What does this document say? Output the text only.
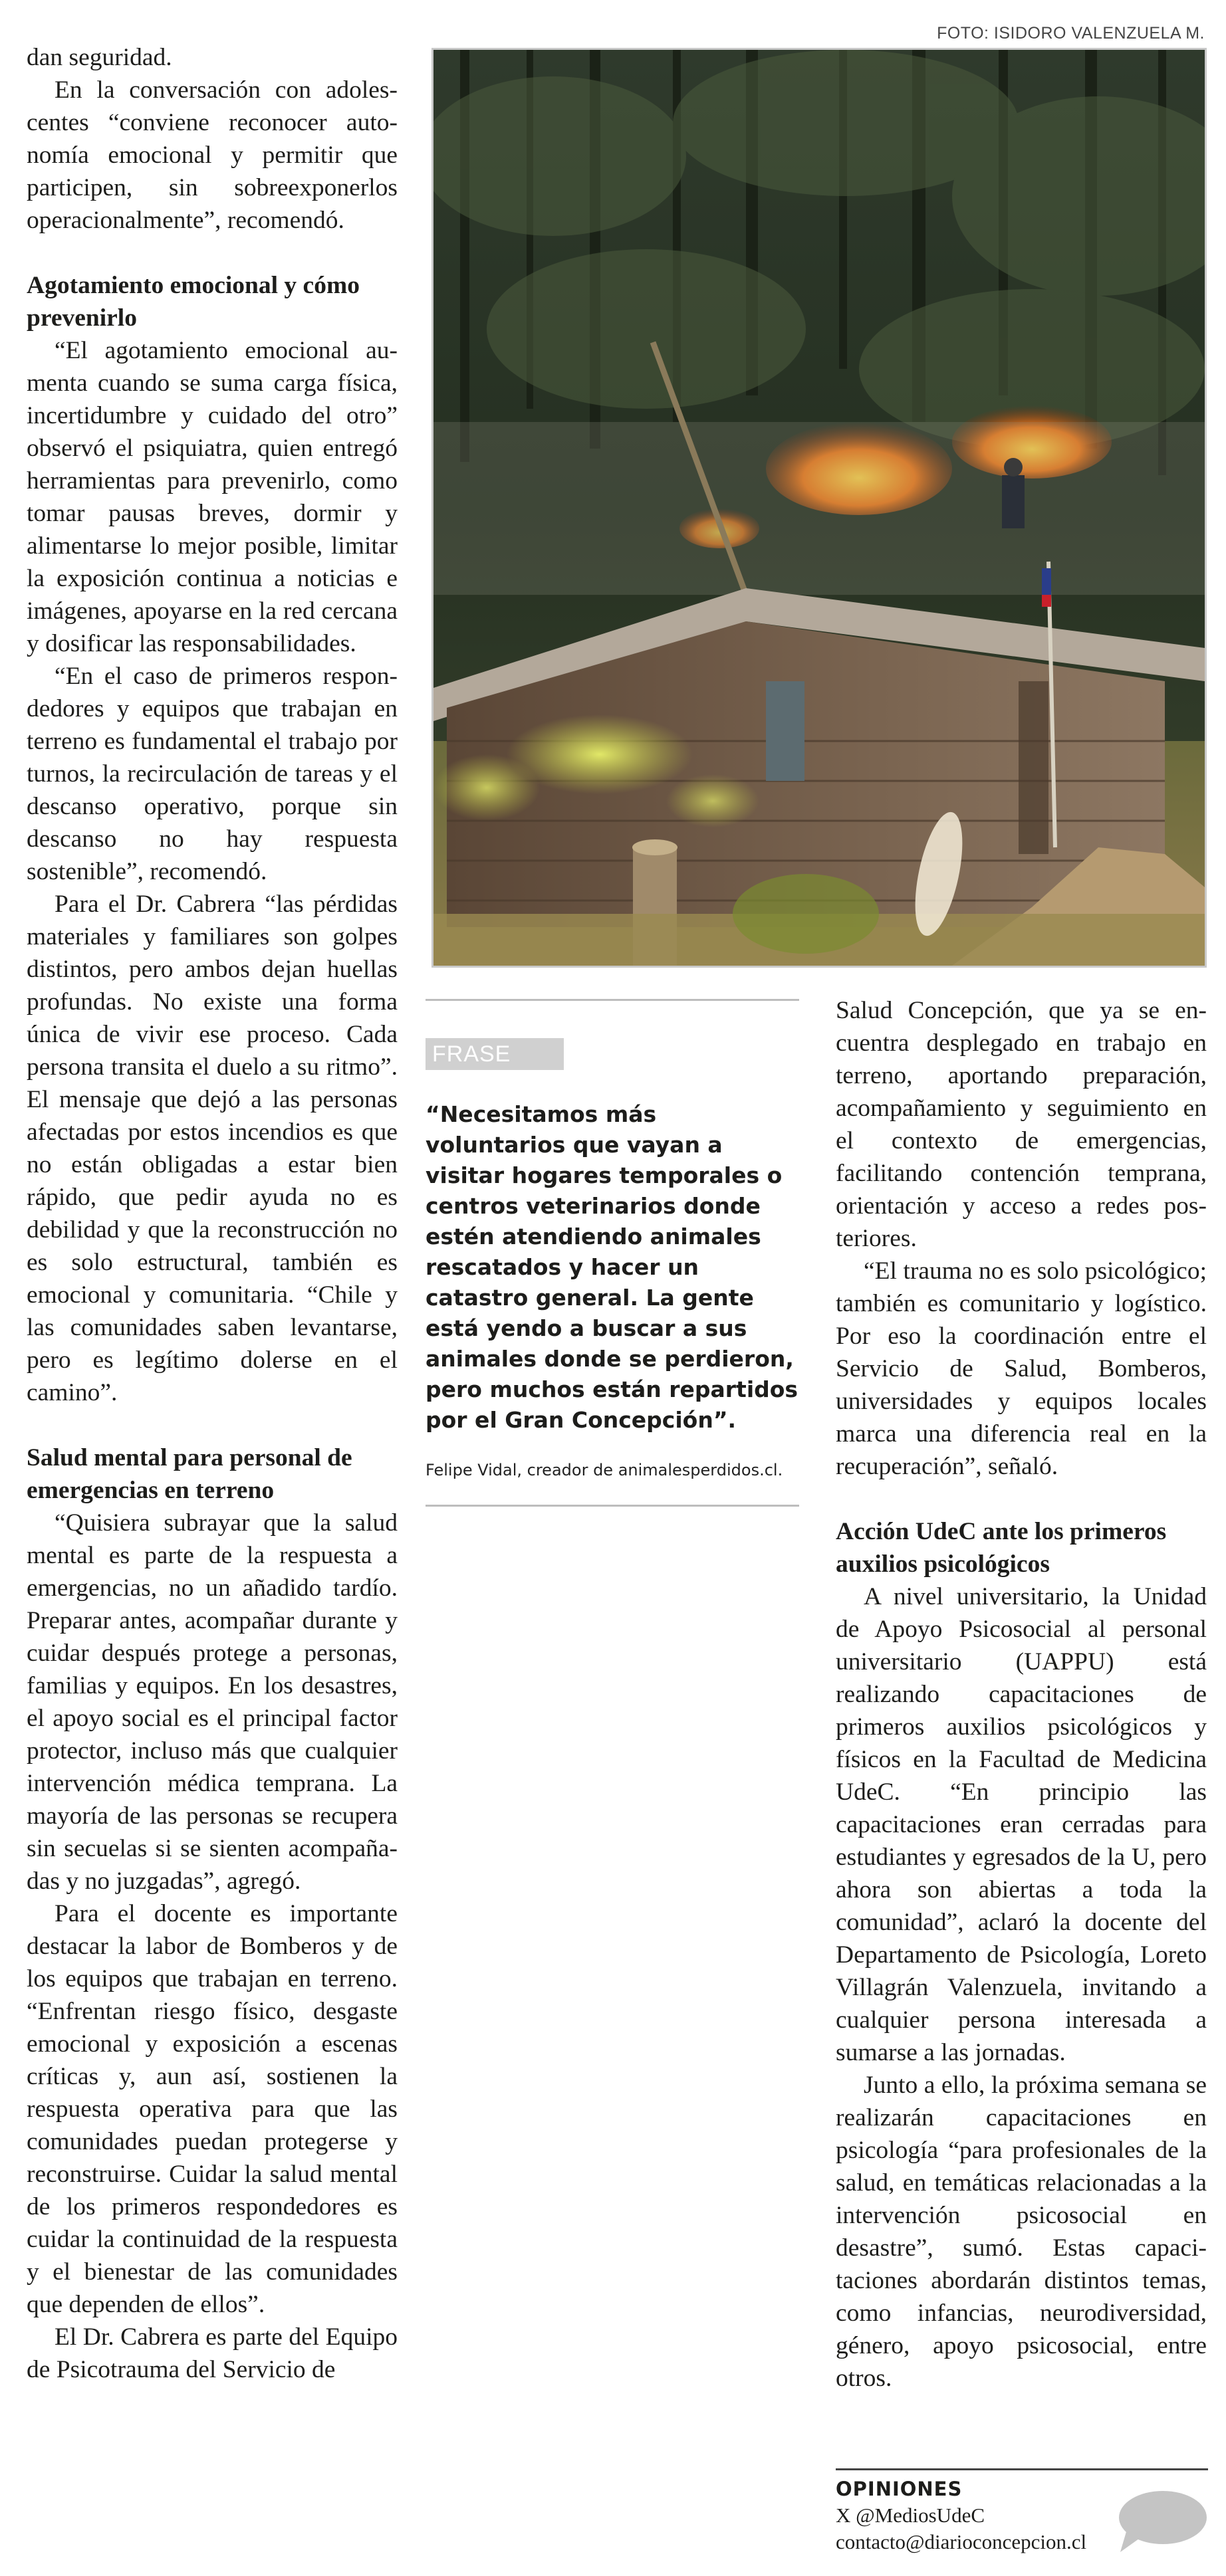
FOTO: ISIDORO VALENZUELA M.

dan seguridad.

En la conversación con adolescentes “conviene reconocer autonomía emocional y permitir que participen, sin sobreexponerlos operacionalmente”, recomendó.

Agotamiento emocional y cómo prevenirlo

“El agotamiento emocional aumenta cuando se suma carga física, incertidumbre y cuidado del otro” observó el psiquiatra, quien entregó herramientas para prevenirlo, como tomar pausas breves, dormir y alimentarse lo mejor posible, limitar la exposición continua a noticias e imágenes, apoyarse en la red cercana y dosificar las responsabilidades.

“En el caso de primeros respondedores y equipos que trabajan en terreno es fundamental el trabajo por turnos, la recirculación de tareas y el descanso operativo, porque sin descanso no hay respuesta sostenible”, recomendó.

Para el Dr. Cabrera “las pérdidas materiales y familiares son golpes distintos, pero ambos dejan huellas profundas. No existe una forma única de vivir ese proceso. Cada persona transita el duelo a su ritmo”. El mensaje que dejó a las personas afectadas por estos incendios es que no están obligadas a estar bien rápido, que pedir ayuda no es debilidad y que la reconstrucción no es solo estructural, también es emocional y comunitaria. “Chile y las comunidades saben levantarse, pero es legítimo dolerse en el camino”.

Salud mental para personal de emergencias en terreno

“Quisiera subrayar que la salud mental es parte de la respuesta a emergencias, no un añadido tardío. Preparar antes, acompañar durante y cuidar después protege a personas, familias y equipos. En los desastres, el apoyo social es el principal factor protector, incluso más que cualquier intervención médica temprana. La mayoría de las personas se recupera sin secuelas si se sienten acompañadas y no juzgadas”, agregó.

Para el docente es importante destacar la labor de Bomberos y de los equipos que trabajan en terreno. “Enfrentan riesgo físico, desgaste emocional y exposición a escenas críticas y, aun así, sostienen la respuesta operativa para que las comunidades puedan protegerse y reconstruirse. Cuidar la salud mental de los primeros respondedores es cuidar la continuidad de la respuesta y el bienestar de las comunidades que dependen de ellos”.

El Dr. Cabrera es parte del Equipo de Psicotrauma del Servicio de

FRASE

“Necesitamos más voluntarios que vayan a visitar hogares temporales o centros veterinarios donde estén atendiendo animales rescatados y hacer un catastro general. La gente está yendo a buscar a sus animales donde se perdieron, pero muchos están repartidos por el Gran Concepción”.

Felipe Vidal, creador de animalesperdidos.cl.

Salud Concepción, que ya se encuentra desplegado en trabajo en terreno, aportando preparación, acompañamiento y seguimiento en el contexto de emergencias, facilitando contención temprana, orientación y acceso a redes posteriores.

“El trauma no es solo psicológico; también es comunitario y logístico. Por eso la coordinación entre el Servicio de Salud, Bomberos, universidades y equipos locales marca una diferencia real en la recuperación”, señaló.

Acción UdeC ante los primeros auxilios psicológicos

A nivel universitario, la Unidad de Apoyo Psicosocial al personal universitario (UAPPU) está realizando capacitaciones de primeros auxilios psicológicos y físicos en la Facultad de Medicina UdeC. “En principio las capacitaciones eran cerradas para estudiantes y egresados de la U, pero ahora son abiertas a toda la comunidad”, aclaró la docente del Departamento de Psicología, Loreto Villagrán Valenzuela, invitando a cualquier persona interesada a sumarse a las jornadas.

Junto a ello, la próxima semana se realizarán capacitaciones en psicología “para profesionales de la salud, en temáticas relacionadas a la intervención psicosocial en desastre”, sumó. Estas capacitaciones abordarán distintos temas, como infancias, neurodiversidad, género, apoyo psicosocial, entre otros.

OPINIONES
X @MediosUdeC
contacto@diarioconcepcion.cl
